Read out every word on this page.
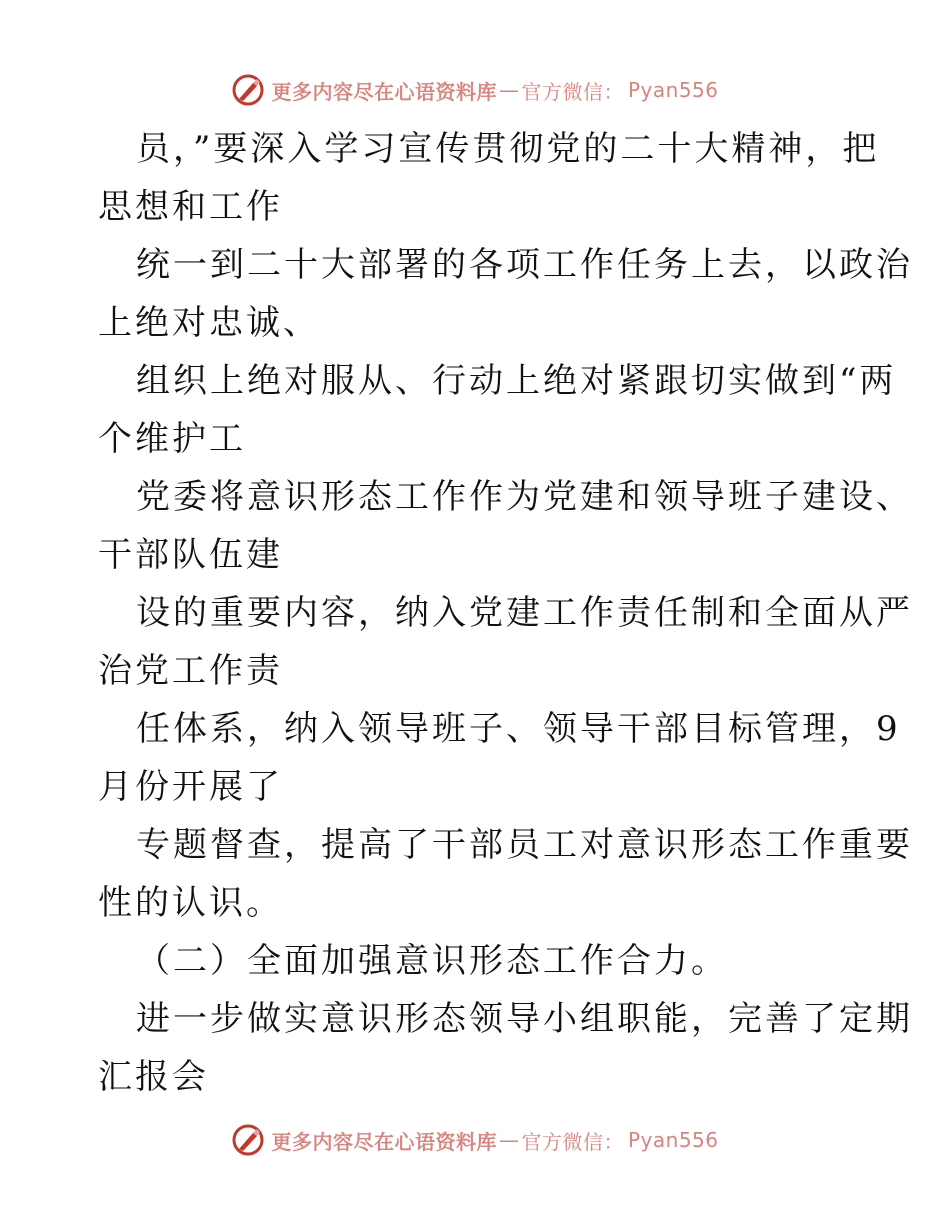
更多内容尽在心语资料库 — 官方微信： Pyan556
员，”要深入学习宣传贯彻党的二十大精神，把
思想和工作
统一到二十大部署的各项工作任务上去，以政治
上绝对忠诚、
组织上绝对服从、行动上绝对紧跟切实做到“两
个维护工
党委将意识形态工作作为党建和领导班子建设、
干部队伍建
设的重要内容，纳入党建工作责任制和全面从严
治党工作责
任体系，纳入领导班子、领导干部目标管理，9
月份开展了
专题督查，提高了干部员工对意识形态工作重要
性的认识。
（二）全面加强意识形态工作合力。
进一步做实意识形态领导小组职能，完善了定期
汇报会
更多内容尽在心语资料库 — 官方微信： Pyan556
